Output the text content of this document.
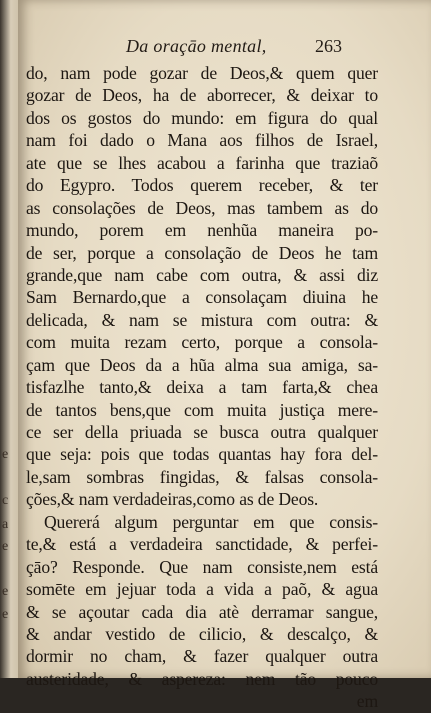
e
c
a
e
e
e
Da oraçāo mental,	263
do, nam pode gozar de Deos,& quem quer
gozar de Deos, ha de aborrecer, & deixar to
dos os gostos do mundo: em figura do qual
nam foi dado o Mana aos filhos de Israel,
ate que se lhes acabou a farinha que traziaõ
do Egypro. Todos querem receber, & ter
as consolações de Deos, mas tambem as do
mundo, porem em nenhũa maneira po-
de ser, porque a consolação de Deos he tam
grande,que nam cabe com outra, & assi diz
Sam Bernardo,que a consolaçam diuina he
delicada, & nam se mistura com outra: &
com muita rezam certo, porque a consola-
çam que Deos da a hũa alma sua amiga, sa-
tisfazlhe tanto,& deixa a tam farta,& chea
de tantos bens,que com muita justiça mere-
ce ser della priuada se busca outra qualquer
que seja: pois que todas quantas hay fora del-
le,sam sombras fingidas, & falsas consola-
ções,& nam verdadeiras,como as de Deos.
Quererá algum perguntar em que consis-
te,& está a verdadeira sanctidade, & perfei-
çāo? Responde. Que nam consiste,nem está
somēte em jejuar toda a vida a paõ, & agua
& se açoutar cada dia atè derramar sangue,
& andar vestido de cilicio, & descalço, &
dormir no cham, & fazer qualquer outra
austeridade, & aspereza: nem tão pouco
em
